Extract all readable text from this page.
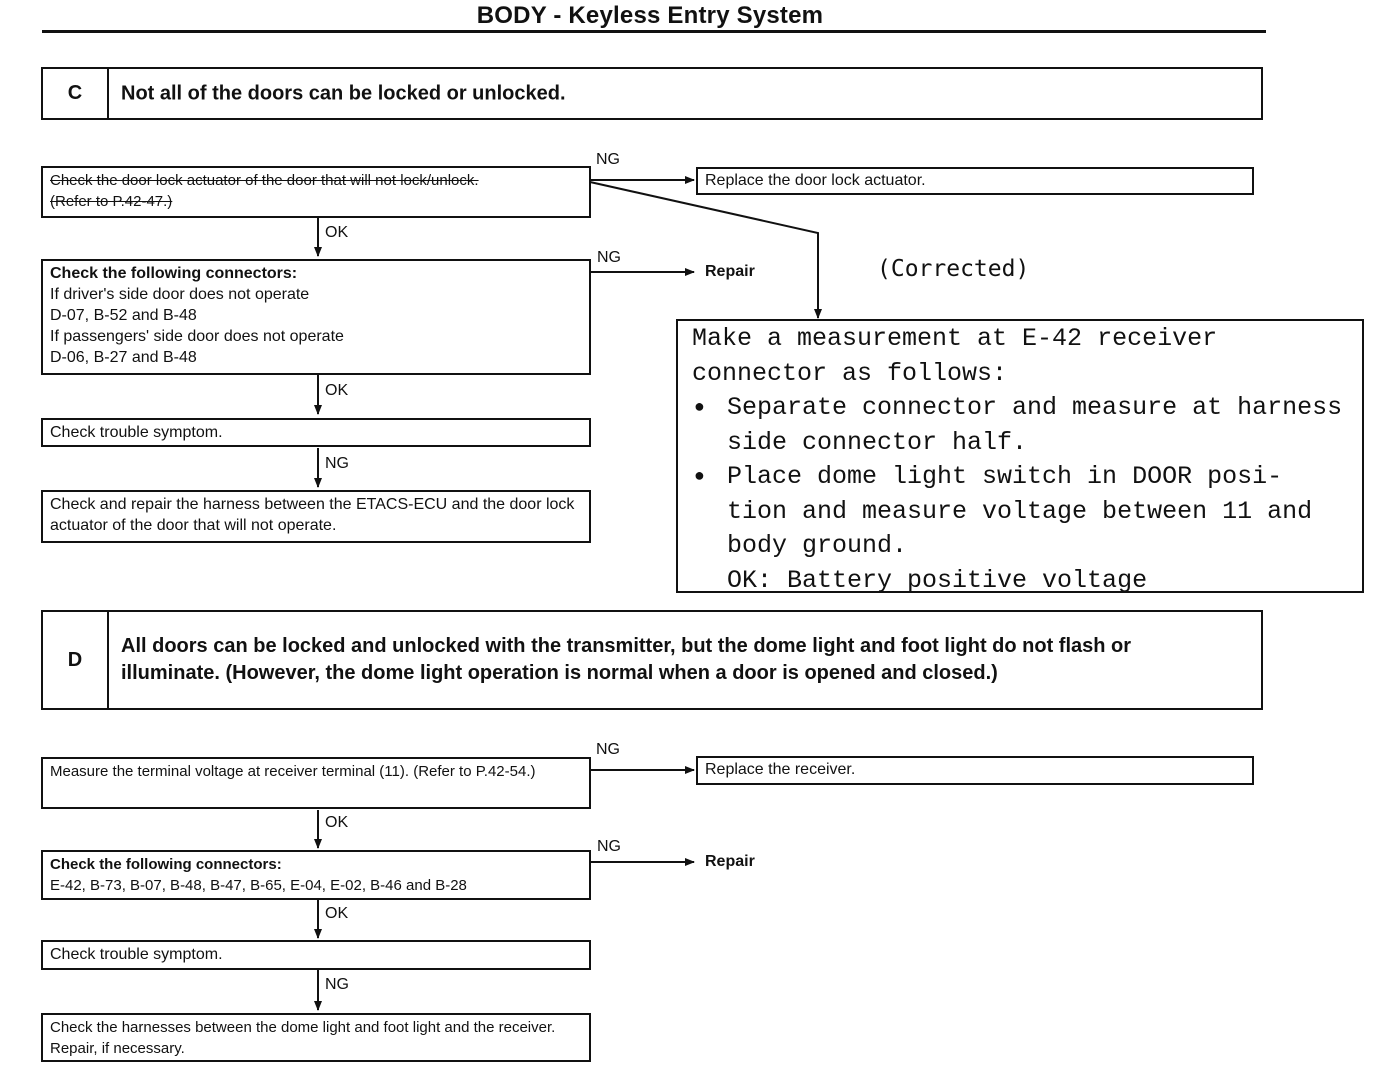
BODY - Keyless Entry System
C	Not all of the doors can be locked or unlocked.
Check the door lock actuator of the door that will not lock/unlock.
(Refer to P.42-47.)
NG
Replace the door lock actuator.
OK
Check the following connectors:
If driver's side door does not operate
D-07, B-52 and B-48
If passengers' side door does not operate
D-06, B-27 and B-48
NG
Repair	(Corrected)
Make a measurement at E-42 receiver
connector as follows:
● Separate connector and measure at harness side connector half.
● Place dome light switch in DOOR posi- tion and measure voltage between 11 and body ground.
OK: Battery positive voltage
OK
Check trouble symptom.
NG
Check and repair the harness between the ETACS-ECU and the door lock actuator of the door that will not operate.
D
All doors can be locked and unlocked with the transmitter, but the dome light and foot light do not flash or illuminate. (However, the dome light operation is normal when a door is opened and closed.)
NG
Measure the terminal voltage at receiver terminal (11). (Refer to P.42-54.)	Replace the receiver.
OK
NG
Check the following connectors:
E-42, B-73, B-07, B-48, B-47, B-65, E-04, E-02, B-46 and B-28
Repair
OK
Check trouble symptom.
NG
Check the harnesses between the dome light and foot light and the receiver. Repair, if necessary.
